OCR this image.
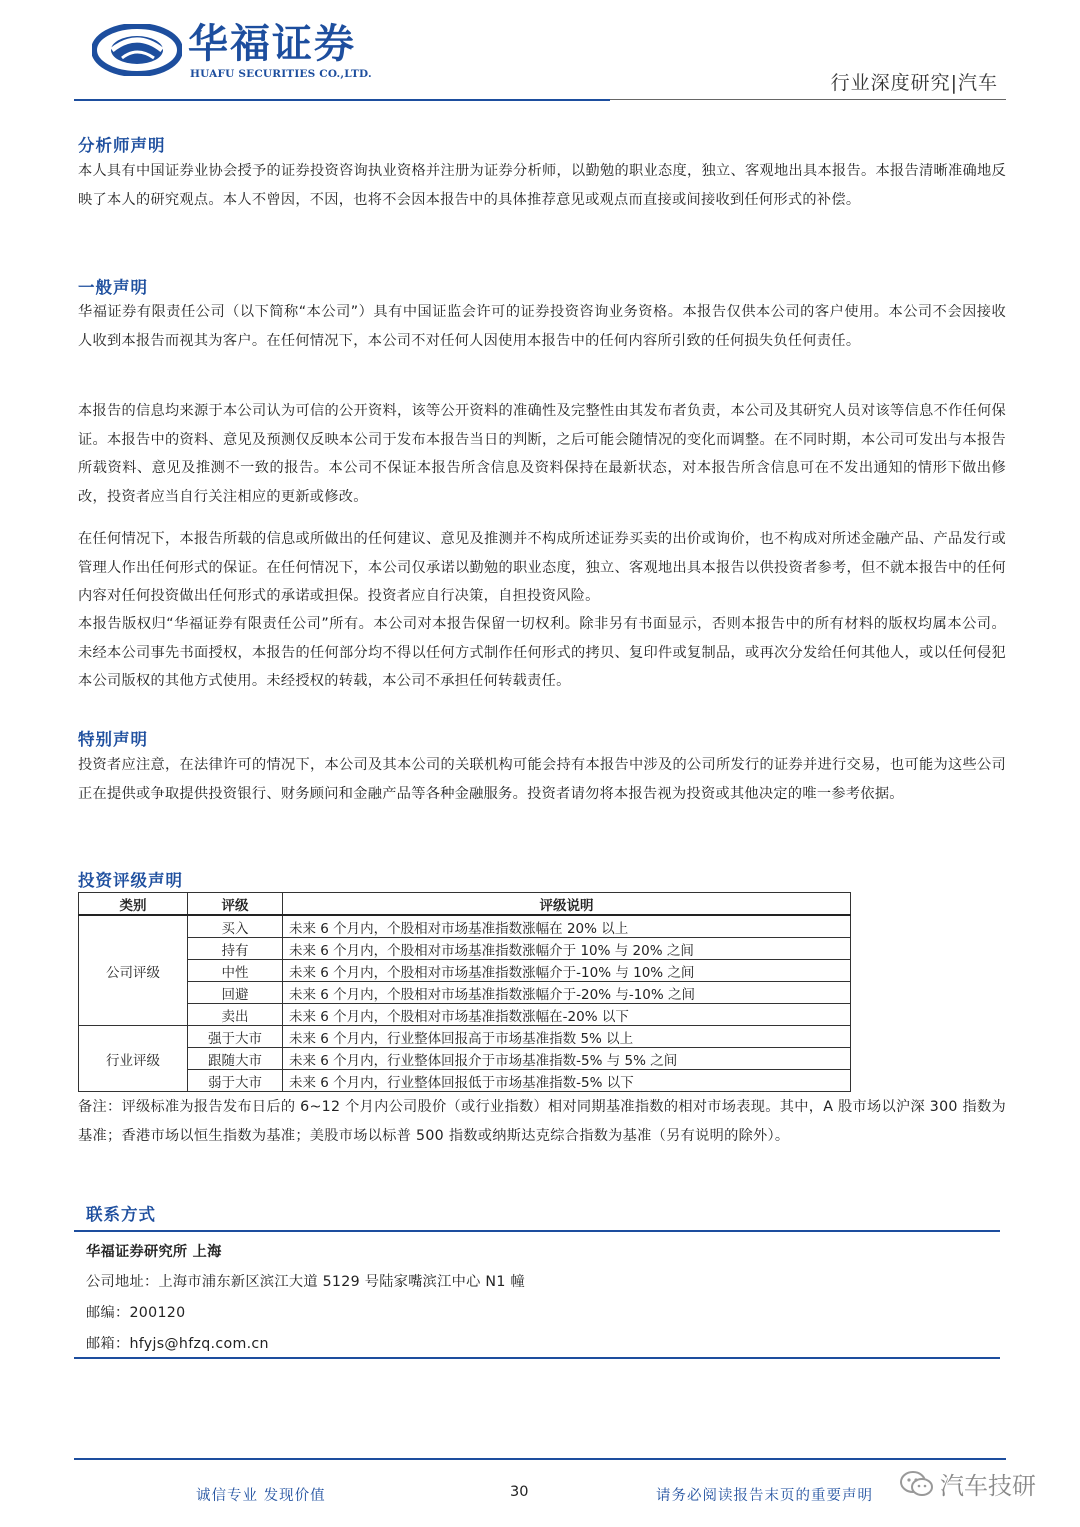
华福证券
HUAFU SECURITIES CO.,LTD.	行业深度研究|汽车
分析师声明
本人具有中国证券业协会授予的证券投资咨询执业资格并注册为证券分析师，以勤勉的职业态度，独立、客观地出具本报告。本报告清晰准确地反映了本人的研究观点。本人不曾因，不因，也将不会因本报告中的具体推荐意见或观点而直接或间接收到任何形式的补偿。
一般声明
华福证券有限责任公司（以下简称“本公司”）具有中国证监会许可的证券投资咨询业务资格。本报告仅供本公司的客户使用。本公司不会因接收人收到本报告而视其为客户。在任何情况下，本公司不对任何人因使用本报告中的任何内容所引致的任何损失负任何责任。
本报告的信息均来源于本公司认为可信的公开资料，该等公开资料的准确性及完整性由其发布者负责，本公司及其研究人员对该等信息不作任何保证。本报告中的资料、意见及预测仅反映本公司于发布本报告当日的判断，之后可能会随情况的变化而调整。在不同时期，本公司可发出与本报告所载资料、意见及推测不一致的报告。本公司不保证本报告所含信息及资料保持在最新状态，对本报告所含信息可在不发出通知的情形下做出修改，投资者应当自行关注相应的更新或修改。
在任何情况下，本报告所载的信息或所做出的任何建议、意见及推测并不构成所述证券买卖的出价或询价，也不构成对所述金融产品、产品发行或管理人作出任何形式的保证。在任何情况下，本公司仅承诺以勤勉的职业态度，独立、客观地出具本报告以供投资者参考，但不就本报告中的任何内容对任何投资做出任何形式的承诺或担保。投资者应自行决策，自担投资风险。
本报告版权归“华福证券有限责任公司”所有。本公司对本报告保留一切权利。除非另有书面显示，否则本报告中的所有材料的版权均属本公司。未经本公司事先书面授权，本报告的任何部分均不得以任何方式制作任何形式的拷贝、复印件或复制品，或再次分发给任何其他人，或以任何侵犯本公司版权的其他方式使用。未经授权的转载，本公司不承担任何转载责任。
特别声明
投资者应注意，在法律许可的情况下，本公司及其本公司的关联机构可能会持有本报告中涉及的公司所发行的证券并进行交易，也可能为这些公司正在提供或争取提供投资银行、财务顾问和金融产品等各种金融服务。投资者请勿将本报告视为投资或其他决定的唯一参考依据。
投资评级声明
类别	评级	评级说明
公司评级	买入	未来 6 个月内，个股相对市场基准指数涨幅在 20% 以上
	持有	未来 6 个月内，个股相对市场基准指数涨幅介于 10% 与 20% 之间
	中性	未来 6 个月内，个股相对市场基准指数涨幅介于-10% 与 10% 之间
	回避	未来 6 个月内，个股相对市场基准指数涨幅介于-20% 与-10% 之间
	卖出	未来 6 个月内，个股相对市场基准指数涨幅在-20% 以下
行业评级	强于大市	未来 6 个月内，行业整体回报高于市场基准指数 5% 以上
	跟随大市	未来 6 个月内，行业整体回报介于市场基准指数-5% 与 5% 之间
	弱于大市	未来 6 个月内，行业整体回报低于市场基准指数-5% 以下
备注：评级标准为报告发布日后的 6~12 个月内公司股价（或行业指数）相对同期基准指数的相对市场表现。其中，A 股市场以沪深 300 指数为基准；香港市场以恒生指数为基准；美股市场以标普 500 指数或纳斯达克综合指数为基准（另有说明的除外）。
联系方式
华福证券研究所 上海
公司地址：上海市浦东新区滨江大道 5129 号陆家嘴滨江中心 N1 幢
邮编：200120
邮箱：hfyjs@hfzq.com.cn
诚信专业 发现价值	30	请务必阅读报告末页的重要声明	汽车技研
